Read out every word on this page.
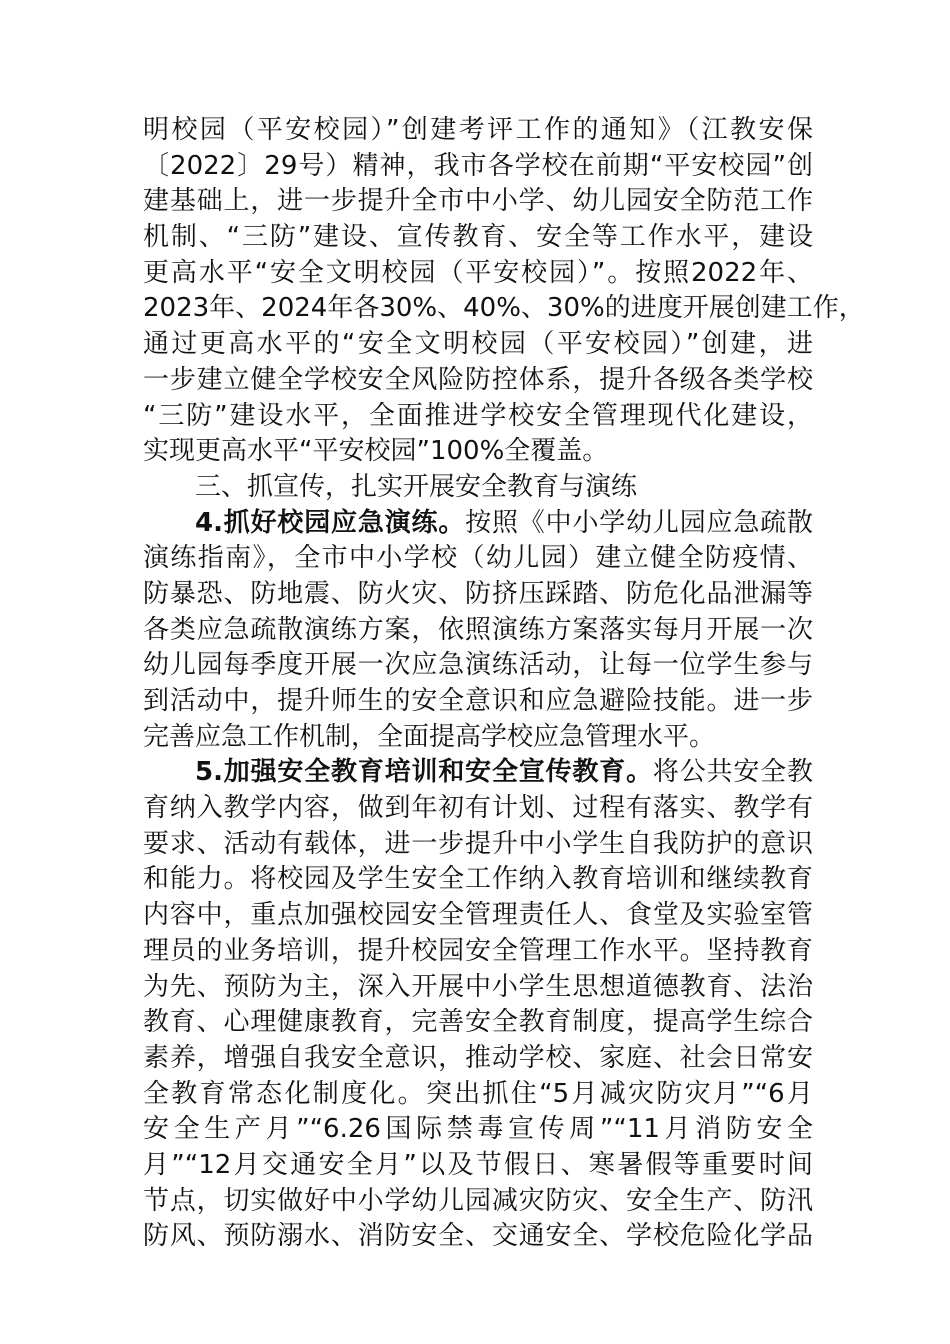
明校园（平安校园）”创建考评工作的通知》（江教安保
〔2022〕29号）精神，我市各学校在前期“平安校园”创
建基础上，进一步提升全市中小学、幼儿园安全防范工作
机制、“三防”建设、宣传教育、安全等工作水平，建设
更高水平“安全文明校园（平安校园）”。按照2022年、
2023年、2024年各30%、40%、30%的进度开展创建工作，
通过更高水平的“安全文明校园（平安校园）”创建，进
一步建立健全学校安全风险防控体系，提升各级各类学校
“三防”建设水平，全面推进学校安全管理现代化建设，
实现更高水平“平安校园”100%全覆盖。
三、抓宣传，扎实开展安全教育与演练
4.抓好校园应急演练。按照《中小学幼儿园应急疏散
演练指南》，全市中小学校（幼儿园）建立健全防疫情、
防暴恐、防地震、防火灾、防挤压踩踏、防危化品泄漏等
各类应急疏散演练方案，依照演练方案落实每月开展一次
幼儿园每季度开展一次应急演练活动，让每一位学生参与
到活动中，提升师生的安全意识和应急避险技能。进一步
完善应急工作机制，全面提高学校应急管理水平。
5.加强安全教育培训和安全宣传教育。将公共安全教
育纳入教学内容，做到年初有计划、过程有落实、教学有
要求、活动有载体，进一步提升中小学生自我防护的意识
和能力。将校园及学生安全工作纳入教育培训和继续教育
内容中，重点加强校园安全管理责任人、食堂及实验室管
理员的业务培训，提升校园安全管理工作水平。坚持教育
为先、预防为主，深入开展中小学生思想道德教育、法治
教育、心理健康教育，完善安全教育制度，提高学生综合
素养，增强自我安全意识，推动学校、家庭、社会日常安
全教育常态化制度化。突出抓住“5月减灾防灾月”“6月
安全生产月”“6.26国际禁毒宣传周”“11月消防安全
月”“12月交通安全月”以及节假日、寒暑假等重要时间
节点，切实做好中小学幼儿园减灾防灾、安全生产、防汛
防风、预防溺水、消防安全、交通安全、学校危险化学品
